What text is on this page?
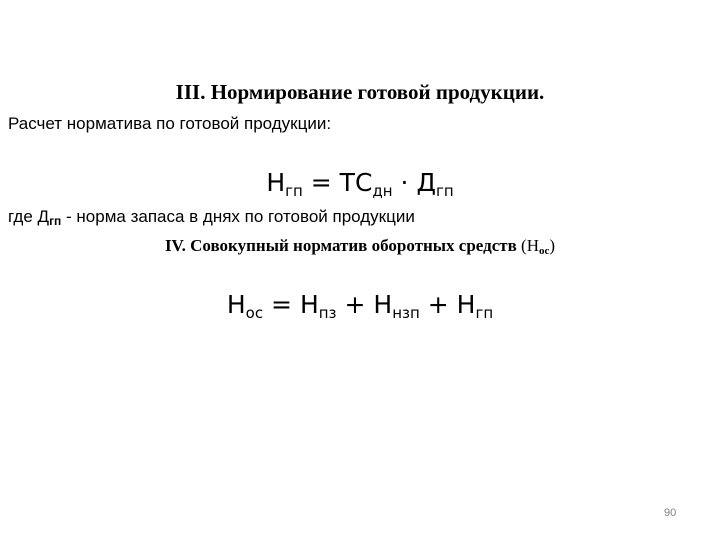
III. Нормирование готовой продукции.
Расчет норматива по готовой продукции:
$Н_{гп} = ТС_{дн} \cdot Д_{гп}$
где $Д_{гп}$ - норма запаса в днях по готовой продукции
IV. Совокупный норматив оборотных средств $(Н_{ос})$
$Н_{ос} = Н_{пз} + Н_{нзп} + Н_{гп}$
90
